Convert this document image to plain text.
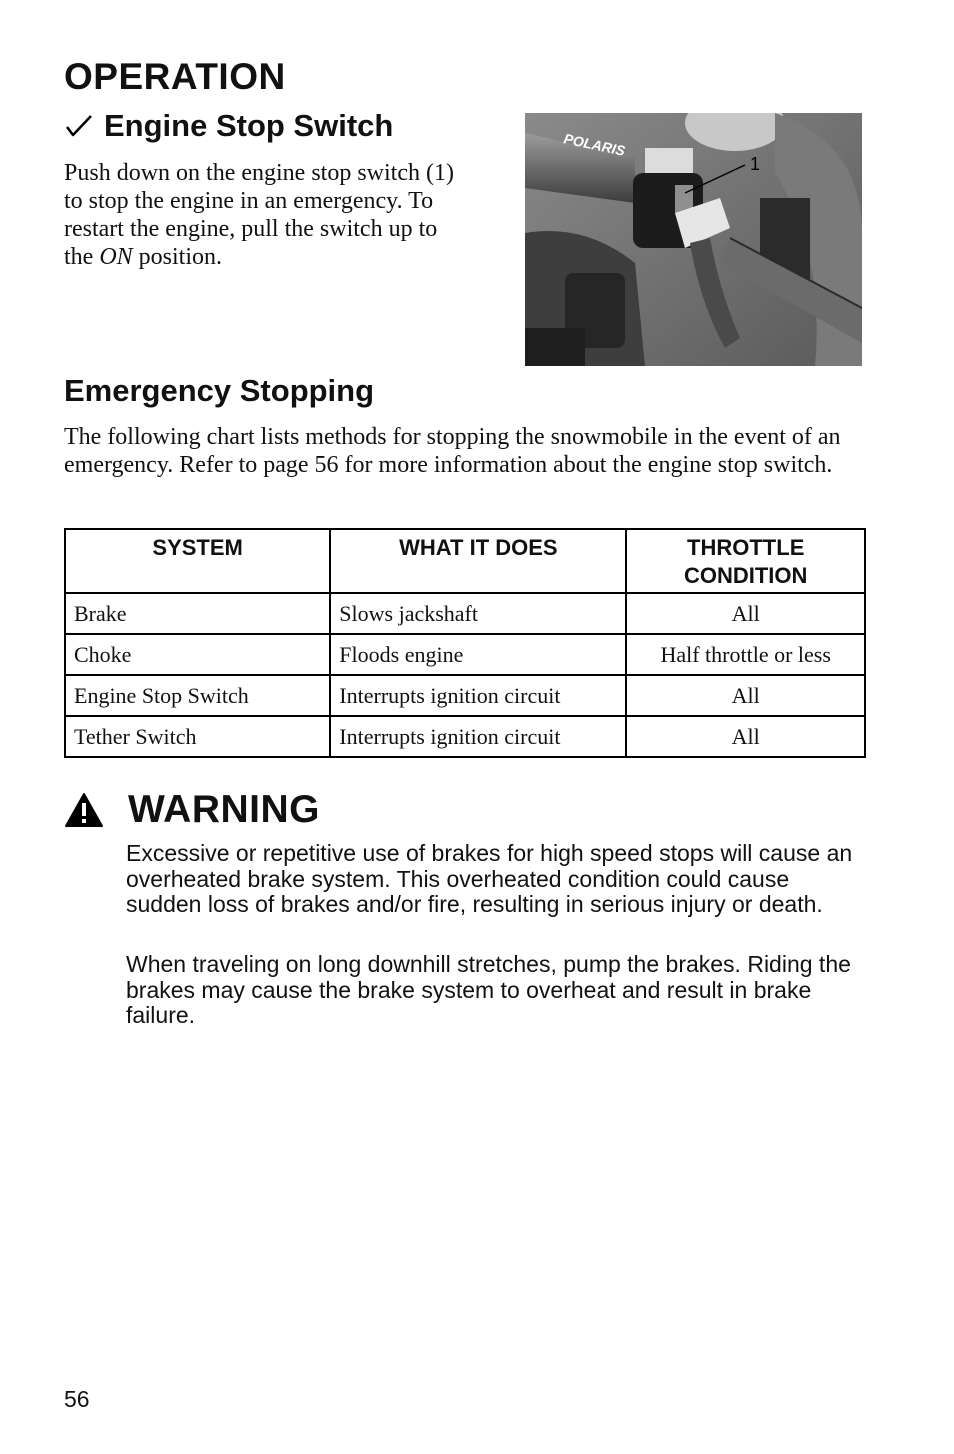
OPERATION
Engine Stop Switch
Push down on the engine stop switch (1) to stop the engine in an emergency. To restart the engine, pull the switch up to the ON position.
POLARIS
1
Emergency Stopping
The following chart lists methods for stopping the snowmobile in the event of an emergency. Refer to page 56 for more information about the engine stop switch.
SYSTEM	WHAT IT DOES	THROTTLE CONDITION
Brake	Slows jackshaft	All
Choke	Floods engine	Half throttle or less
Engine Stop Switch	Interrupts ignition circuit	All
Tether Switch	Interrupts ignition circuit	All
WARNING
Excessive or repetitive use of brakes for high speed stops will cause an overheated brake system. This overheated condition could cause sudden loss of brakes and/or fire, resulting in serious injury or death.
When traveling on long downhill stretches, pump the brakes. Riding the brakes may cause the brake system to overheat and result in brake failure.
56
